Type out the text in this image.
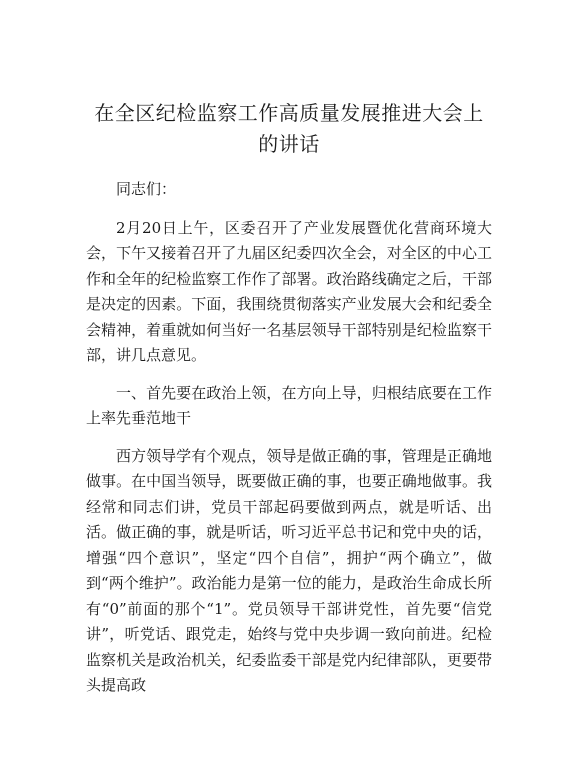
在全区纪检监察工作高质量发展推进大会上的讲话

同志们：

2月20日上午，区委召开了产业发展暨优化营商环境大会，下午又接着召开了九届区纪委四次全会，对全区的中心工作和全年的纪检监察工作作了部署。政治路线确定之后，干部是决定的因素。下面，我围绕贯彻落实产业发展大会和纪委全会精神，着重就如何当好一名基层领导干部特别是纪检监察干部，讲几点意见。

一、首先要在政治上领，在方向上导，归根结底要在工作上率先垂范地干

西方领导学有个观点，领导是做正确的事，管理是正确地做事。在中国当领导，既要做正确的事，也要正确地做事。我经常和同志们讲，党员干部起码要做到两点，就是听话、出活。做正确的事，就是听话，听习近平总书记和党中央的话，增强“四个意识”，坚定“四个自信”，拥护“两个确立”，做到“两个维护”。政治能力是第一位的能力，是政治生命成长所有“0”前面的那个“1”。党员领导干部讲党性，首先要“信党讲”，听党话、跟党走，始终与党中央步调一致向前进。纪检监察机关是政治机关，纪委监委干部是党内纪律部队，更要带头提高政
